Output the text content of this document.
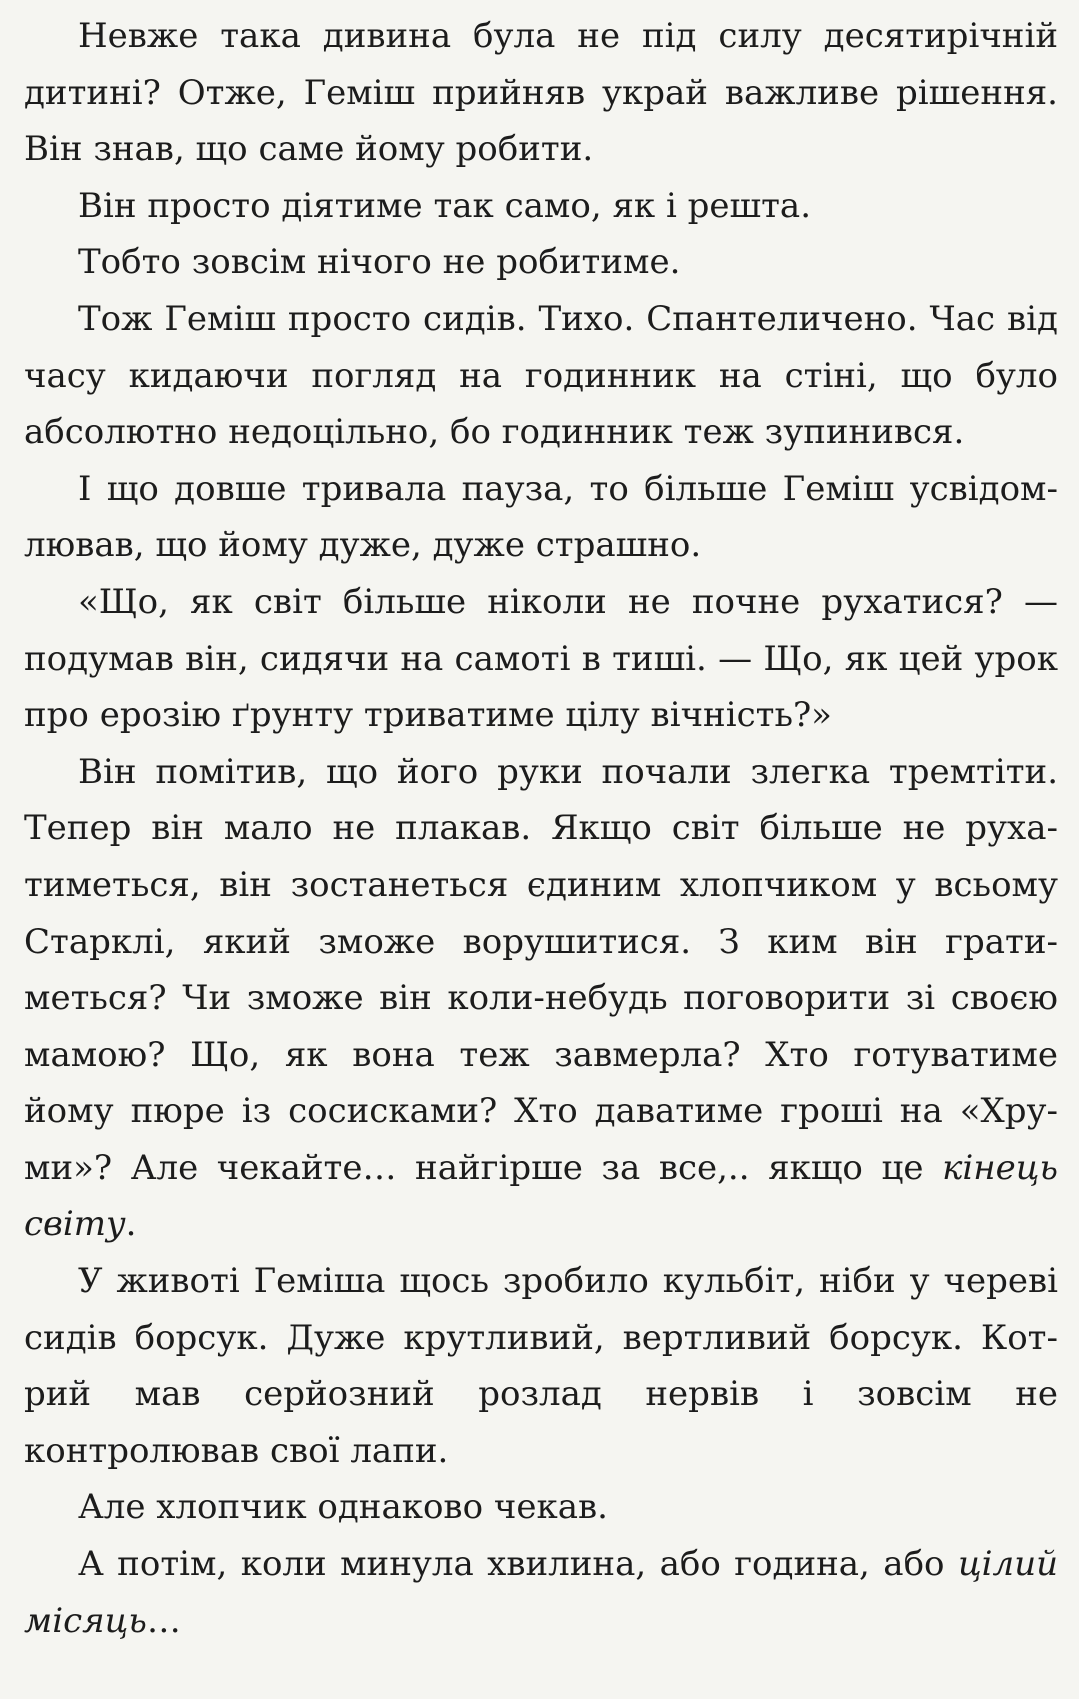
Невже така дивина була не під силу десятирічній дитині? Отже, Геміш прийняв украй важливе рішення. Він знав, що саме йому робити.

Він просто діятиме так само, як і решта.

Тобто зовсім нічого не робитиме.

Тож Геміш просто сидів. Тихо. Спантеличено. Час від часу кидаючи погляд на годинник на стіні, що було абсолютно недоцільно, бо годинник теж зупинився.

І що довше тривала пауза, то більше Геміш усвідомлював, що йому дуже, дуже страшно.

«Що, як світ більше ніколи не почне рухатися? — подумав він, сидячи на самоті в тиші. — Що, як цей урок про ерозію ґрунту триватиме цілу вічність?»

Він помітив, що його руки почали злегка тремтіти. Тепер він мало не плакав. Якщо світ більше не рухатиметься, він зостанеться єдиним хлопчиком у всьому Старклі, який зможе ворушитися. З ким він гратиметься? Чи зможе він коли-небудь поговорити зі своєю мамою? Що, як вона теж завмерла? Хто готуватиме йому пюре із сосисками? Хто даватиме гроші на «Хруми»? Але чекайте… найгірше за все,.. якщо це кінець світу.

У животі Геміша щось зробило кульбіт, ніби у череві сидів борсук. Дуже крутливий, вертливий борсук. Котрий мав серйозний розлад нервів і зовсім не контролював свої лапи.

Але хлопчик однаково чекав.

А потім, коли минула хвилина, або година, або цілий місяць…
